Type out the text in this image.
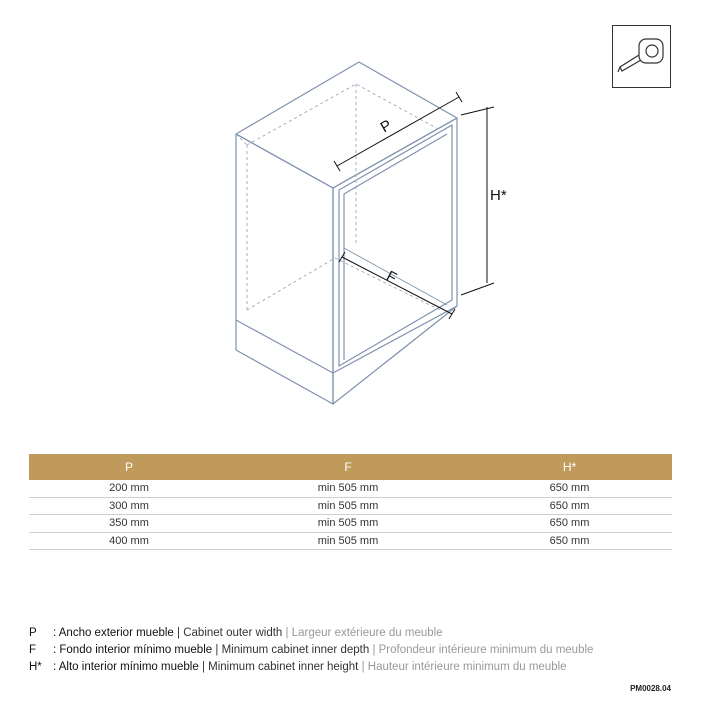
P
F
H*
P	F	H*
200 mm	min 505 mm	650 mm
300 mm	min 505 mm	650 mm
350 mm	min 505 mm	650 mm
400 mm	min 505 mm	650 mm
P : Ancho exterior mueble | Cabinet outer width | Largeur extérieure du meuble
F : Fondo interior mínimo mueble | Minimum cabinet inner depth | Profondeur intérieure minimum du meuble
H* : Alto interior mínimo mueble | Minimum cabinet inner height | Hauteur intérieure minimum du meuble
PM0028.04
